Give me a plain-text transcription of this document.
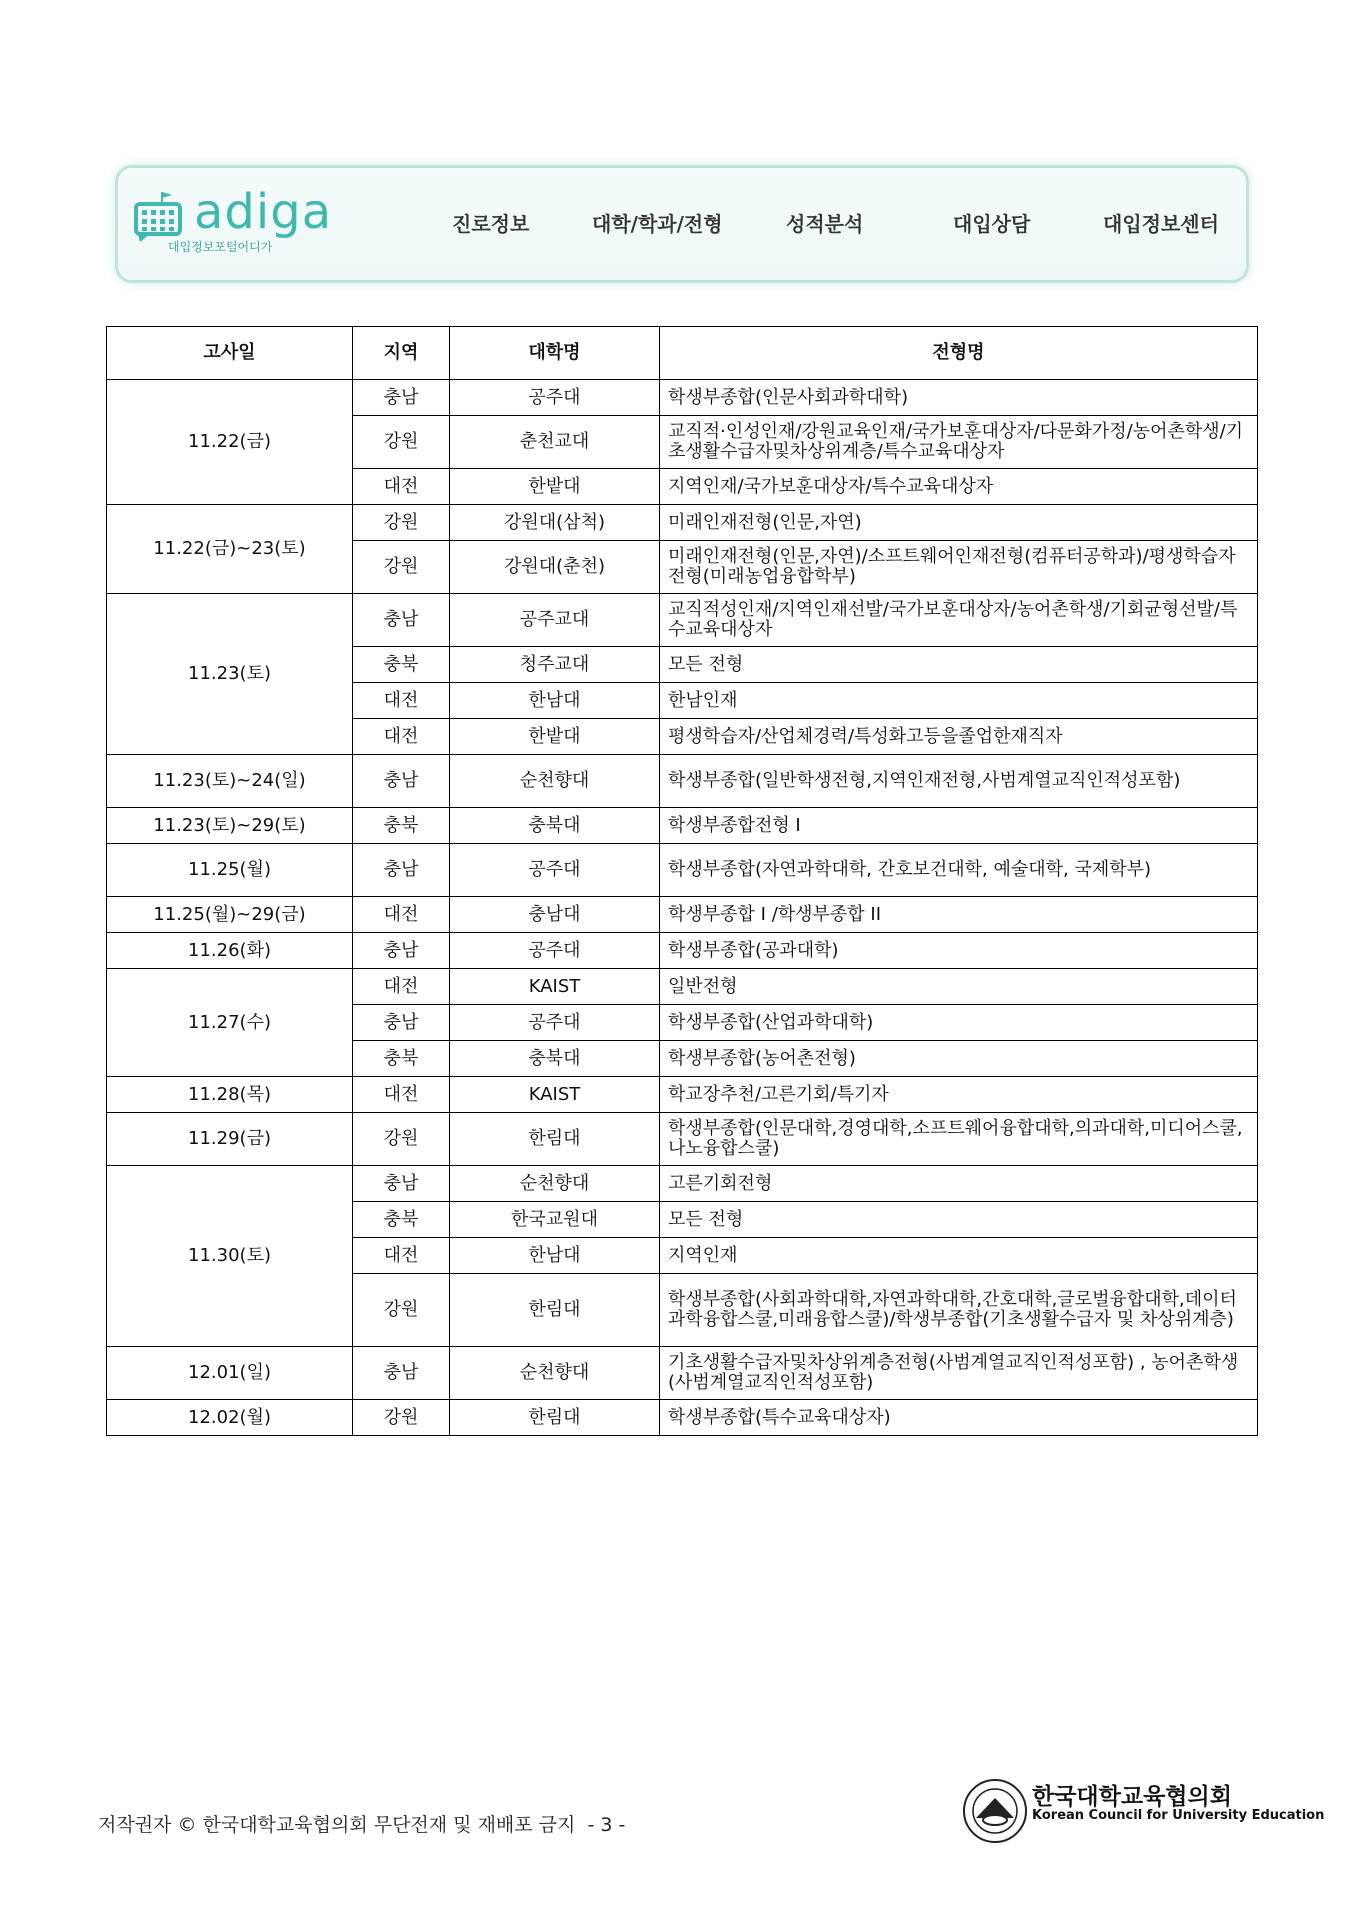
adiga
대입정보포털어디가
진로정보	대학/학과/전형	성적분석	대입상담	대입정보센터
고사일	지역	대학명	전형명
11.22(금)	충남	공주대	학생부종합(인문사회과학대학)
	강원	춘천교대	교직적·인성인재/강원교육인재/국가보훈대상자/다문화가정/농어촌학생/기초생활수급자및차상위계층/특수교육대상자
	대전	한밭대	지역인재/국가보훈대상자/특수교육대상자
11.22(금)~23(토)	강원	강원대(삼척)	미래인재전형(인문,자연)
	강원	강원대(춘천)	미래인재전형(인문,자연)/소프트웨어인재전형(컴퓨터공학과)/평생학습자전형(미래농업융합학부)
11.23(토)	충남	공주교대	교직적성인재/지역인재선발/국가보훈대상자/농어촌학생/기회균형선발/특수교육대상자
	충북	청주교대	모든 전형
	대전	한남대	한남인재
	대전	한밭대	평생학습자/산업체경력/특성화고등을졸업한재직자
11.23(토)~24(일)	충남	순천향대	학생부종합(일반학생전형,지역인재전형,사범계열교직인적성포함)
11.23(토)~29(토)	충북	충북대	학생부종합전형 I
11.25(월)	충남	공주대	학생부종합(자연과학대학, 간호보건대학, 예술대학, 국제학부)
11.25(월)~29(금)	대전	충남대	학생부종합 I /학생부종합 II
11.26(화)	충남	공주대	학생부종합(공과대학)
11.27(수)	대전	KAIST	일반전형
	충남	공주대	학생부종합(산업과학대학)
	충북	충북대	학생부종합(농어촌전형)
11.28(목)	대전	KAIST	학교장추천/고른기회/특기자
11.29(금)	강원	한림대	학생부종합(인문대학,경영대학,소프트웨어융합대학,의과대학,미디어스쿨,나노융합스쿨)
11.30(토)	충남	순천향대	고른기회전형
	충북	한국교원대	모든 전형
	대전	한남대	지역인재
	강원	한림대	학생부종합(사회과학대학,자연과학대학,간호대학,글로벌융합대학,데이터과학융합스쿨,미래융합스쿨)/학생부종합(기초생활수급자 및 차상위계층)
12.01(일)	충남	순천향대	기초생활수급자및차상위계층전형(사범계열교직인적성포함) , 농어촌학생(사범계열교직인적성포함)
12.02(월)	강원	한림대	학생부종합(특수교육대상자)
저작권자 © 한국대학교육협의회 무단전재 및 재배포 금지  - 3 -
한국대학교육협의회
Korean Council for University Education
